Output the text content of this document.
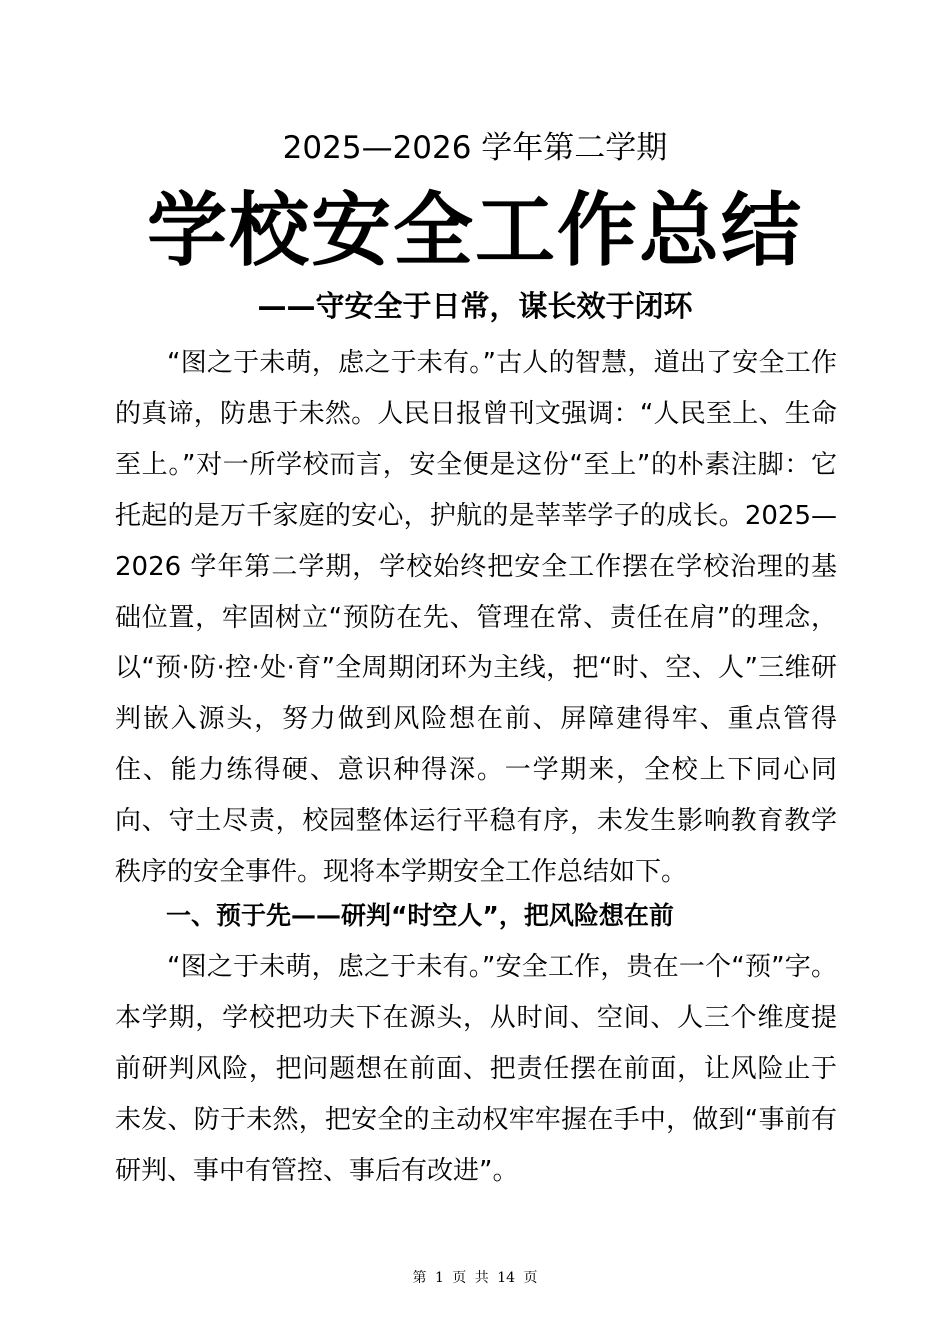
2025—2026 学年第二学期
学校安全工作总结
——守安全于日常，谋长效于闭环

“图之于未萌，虑之于未有。”古人的智慧，道出了安全工作的真谛，防患于未然。人民日报曾刊文强调：“人民至上、生命至上。”对一所学校而言，安全便是这份“至上”的朴素注脚：它托起的是万千家庭的安心，护航的是莘莘学子的成长。2025—2026 学年第二学期，学校始终把安全工作摆在学校治理的基础位置，牢固树立“预防在先、管理在常、责任在肩”的理念，以“预·防·控·处·育”全周期闭环为主线，把“时、空、人”三维研判嵌入源头，努力做到风险想在前、屏障建得牢、重点管得住、能力练得硬、意识种得深。一学期来，全校上下同心同向、守土尽责，校园整体运行平稳有序，未发生影响教育教学秩序的安全事件。现将本学期安全工作总结如下。

一、预于先——研判“时空人”，把风险想在前

“图之于未萌，虑之于未有。”安全工作，贵在一个“预”字。本学期，学校把功夫下在源头，从时间、空间、人三个维度提前研判风险，把问题想在前面、把责任摆在前面，让风险止于未发、防于未然，把安全的主动权牢牢握在手中，做到“事前有研判、事中有管控、事后有改进”。

第 1 页 共 14 页
